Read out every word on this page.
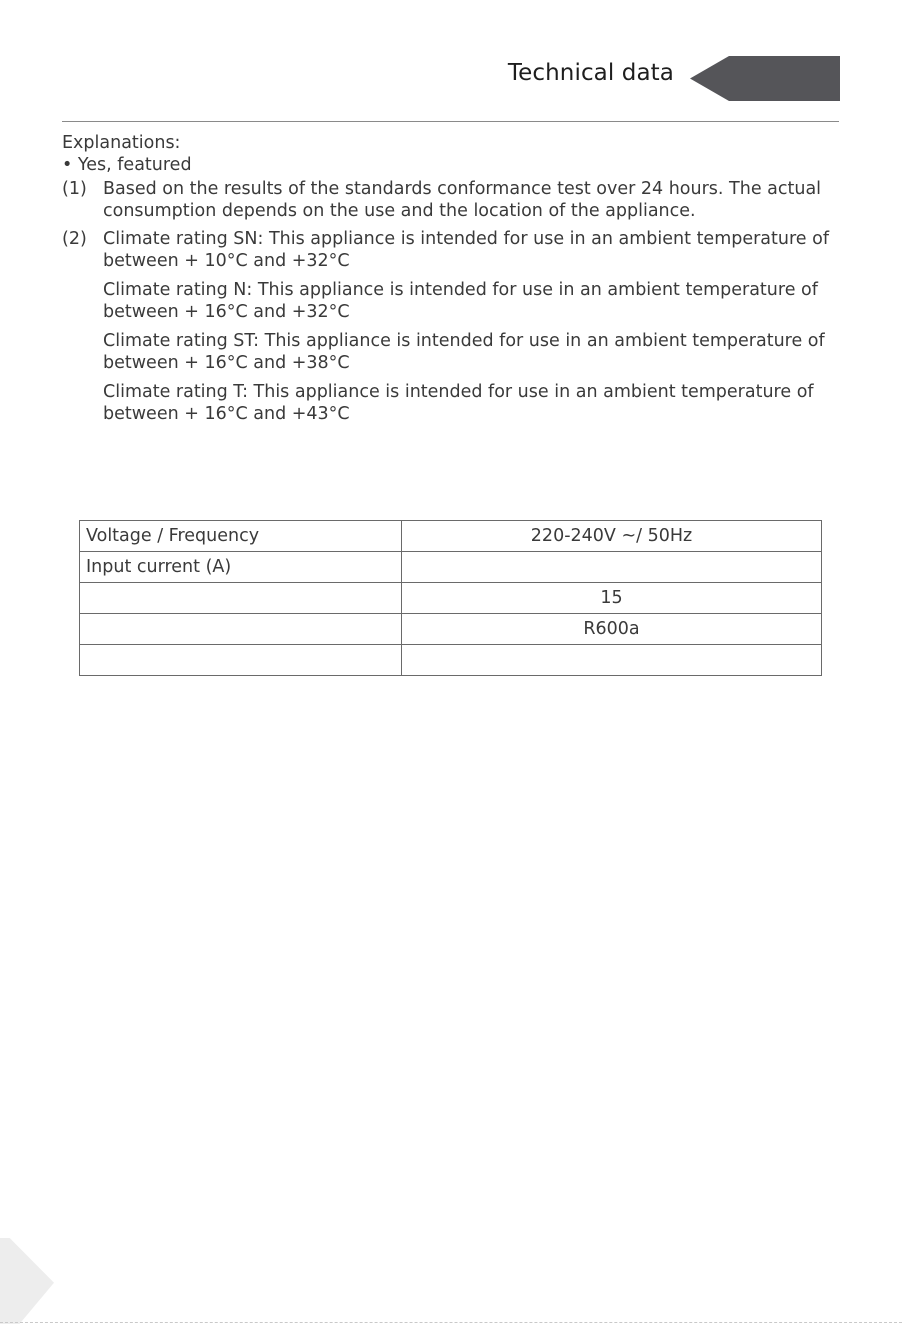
Technical data
Explanations:
• Yes, featured
(1) Based on the results of the standards conformance test over 24 hours. The actual consumption depends on the use and the location of the appliance.

(2) Climate rating SN: This appliance is intended for use in an ambient temperature of between + 10°C and +32°C

Climate rating N: This appliance is intended for use in an ambient temperature of between + 16°C and +32°C

Climate rating ST: This appliance is intended for use in an ambient temperature of between + 16°C and +38°C

Climate rating T: This appliance is intended for use in an ambient temperature of between + 16°C and +43°C

Voltage / Frequency	220-240V ~/ 50Hz
Input current (A)	
	15
	R600a
